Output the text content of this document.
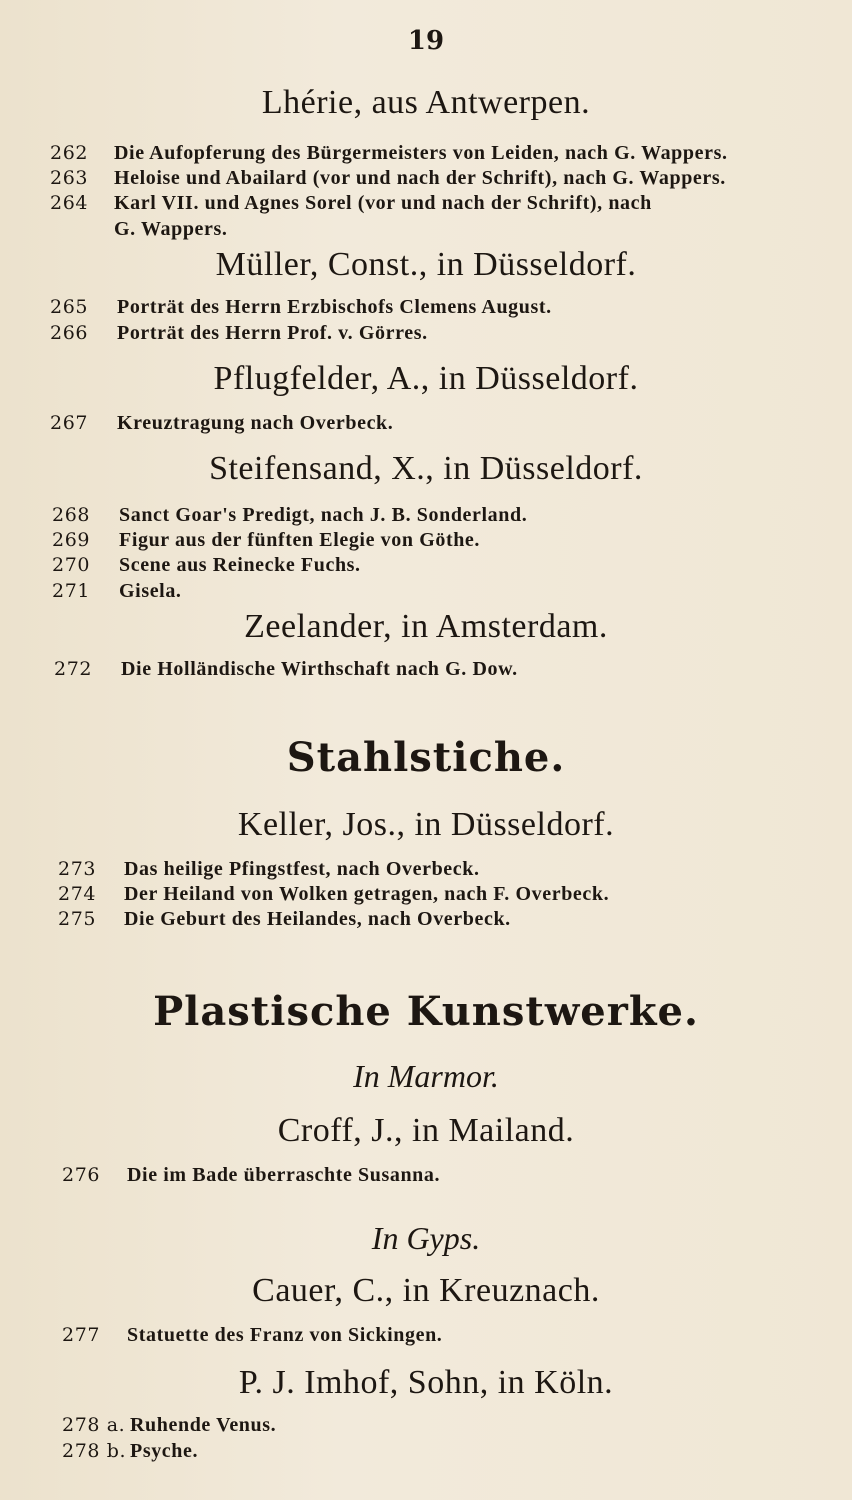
19
Lhérie, aus Antwerpen.
262 Die Aufopferung des Bürgermeisters von Leiden, nach G. Wappers.
263 Heloise und Abailard (vor und nach der Schrift), nach G. Wappers.
264 Karl VII. und Agnes Sorel (vor und nach der Schrift), nach
G. Wappers.
Müller, Const., in Düsseldorf.
265 Porträt des Herrn Erzbischofs Clemens August.
266 Porträt des Herrn Prof. v. Görres.
Pflugfelder, A., in Düsseldorf.
267 Kreuztragung nach Overbeck.
Steifensand, X., in Düsseldorf.
268 Sanct Goar's Predigt, nach J. B. Sonderland.
269 Figur aus der fünften Elegie von Göthe.
270 Scene aus Reinecke Fuchs.
271 Gisela.
Zeelander, in Amsterdam.
272 Die Holländische Wirthschaft nach G. Dow.
Stahlstiche.
Keller, Jos., in Düsseldorf.
273 Das heilige Pfingstfest, nach Overbeck.
274 Der Heiland von Wolken getragen, nach F. Overbeck.
275 Die Geburt des Heilandes, nach Overbeck.
Plastische Kunstwerke.
In Marmor.
Croff, J., in Mailand.
276 Die im Bade überraschte Susanna.
In Gyps.
Cauer, C., in Kreuznach.
277 Statuette des Franz von Sickingen.
P. J. Imhof, Sohn, in Köln.
278 a. Ruhende Venus.
278 b. Psyche.
